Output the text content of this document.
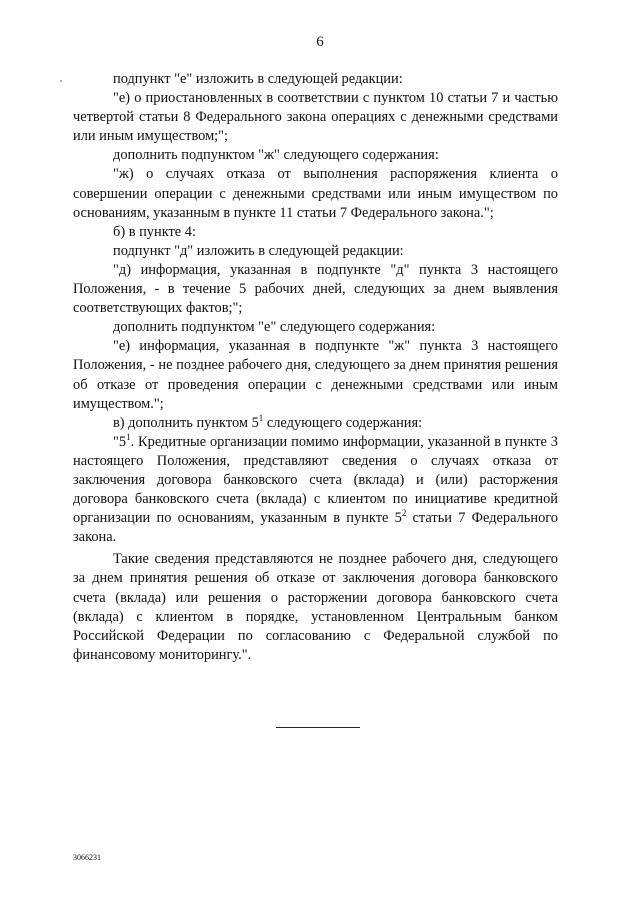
6

подпункт "е" изложить в следующей редакции:

"е) о приостановленных в соответствии с пунктом 10 статьи 7 и частью четвертой статьи 8 Федерального закона операциях с денежными средствами или иным имуществом;";

дополнить подпунктом "ж" следующего содержания:

"ж) о случаях отказа от выполнения распоряжения клиента о совершении операции с денежными средствами или иным имуществом по основаниям, указанным в пункте 11 статьи 7 Федерального закона.";

б) в пункте 4:

подпункт "д" изложить в следующей редакции:

"д) информация, указанная в подпункте "д" пункта 3 настоящего Положения, - в течение 5 рабочих дней, следующих за днем выявления соответствующих фактов;";

дополнить подпунктом "е" следующего содержания:

"е) информация, указанная в подпункте "ж" пункта 3 настоящего Положения, - не позднее рабочего дня, следующего за днем принятия решения об отказе от проведения операции с денежными средствами или иным имуществом.";

в) дополнить пунктом $5^1$ следующего содержания:

"$5^1$. Кредитные организации помимо информации, указанной в пункте 3 настоящего Положения, представляют сведения о случаях отказа от заключения договора банковского счета (вклада) и (или) расторжения договора банковского счета (вклада) с клиентом по инициативе кредитной организации по основаниям, указанным в пункте $5^2$ статьи 7 Федерального закона.

Такие сведения представляются не позднее рабочего дня, следующего за днем принятия решения об отказе от заключения договора банковского счета (вклада) или решения о расторжении договора банковского счета (вклада) с клиентом в порядке, установленном Центральным банком Российской Федерации по согласованию с Федеральной службой по финансовому мониторингу.".

3066231
